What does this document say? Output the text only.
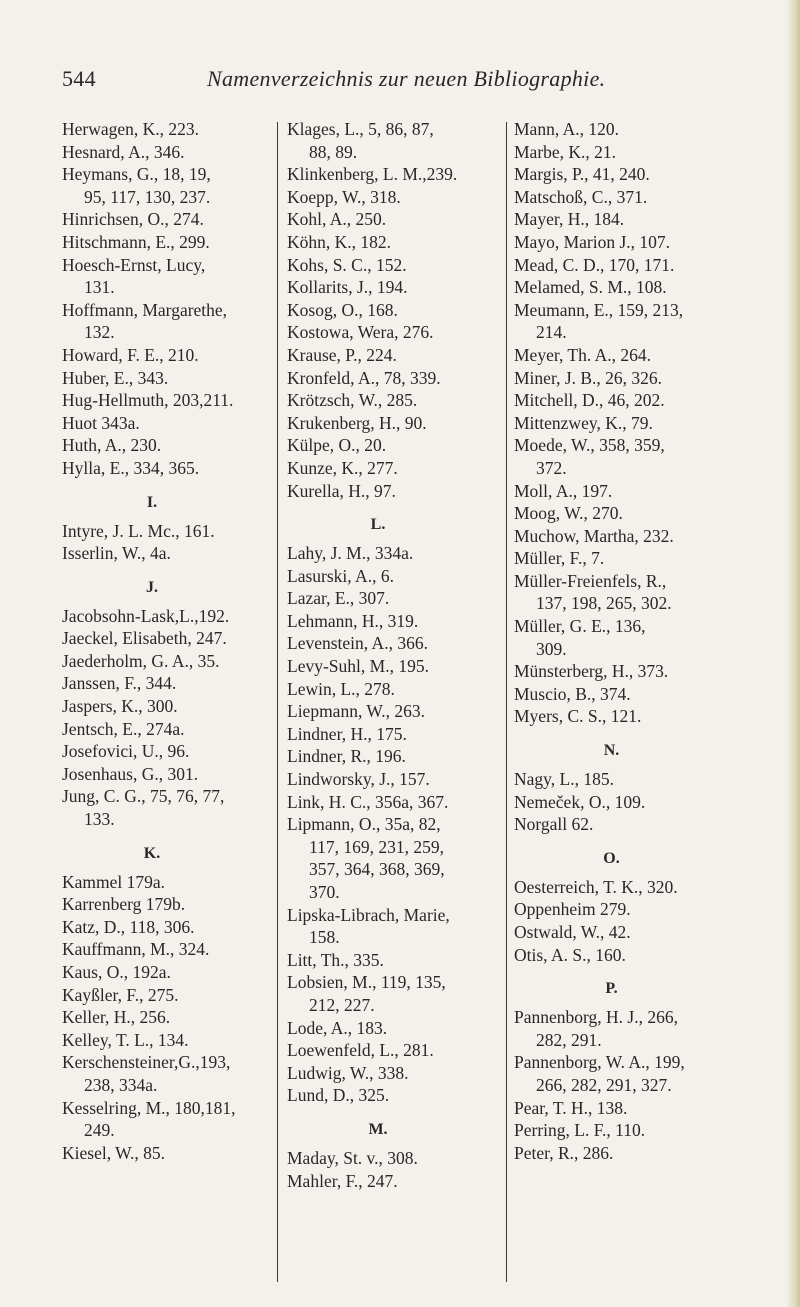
544	Namenverzeichnis zur neuen Bibliographie.
Herwagen, K., 223.
Hesnard, A., 346.
Heymans, G., 18, 19,
95, 117, 130, 237.
Hinrichsen, O., 274.
Hitschmann, E., 299.
Hoesch-Ernst, Lucy,
131.
Hoffmann, Margarethe,
132.
Howard, F. E., 210.
Huber, E., 343.
Hug-Hellmuth, 203,211.
Huot 343a.
Huth, A., 230.
Hylla, E., 334, 365.
I.
Intyre, J. L. Mc., 161.
Isserlin, W., 4a.
J.
Jacobsohn-Lask,L.,192.
Jaeckel, Elisabeth, 247.
Jaederholm, G. A., 35.
Janssen, F., 344.
Jaspers, K., 300.
Jentsch, E., 274a.
Josefovici, U., 96.
Josenhaus, G., 301.
Jung, C. G., 75, 76, 77,
133.
K.
Kammel 179a.
Karrenberg 179b.
Katz, D., 118, 306.
Kauffmann, M., 324.
Kaus, O., 192a.
Kayßler, F., 275.
Keller, H., 256.
Kelley, T. L., 134.
Kerschensteiner,G.,193,
238, 334a.
Kesselring, M., 180,181,
249.
Kiesel, W., 85.
Klages, L., 5, 86, 87,
88, 89.
Klinkenberg, L. M.,239.
Koepp, W., 318.
Kohl, A., 250.
Köhn, K., 182.
Kohs, S. C., 152.
Kollarits, J., 194.
Kosog, O., 168.
Kostowa, Wera, 276.
Krause, P., 224.
Kronfeld, A., 78, 339.
Krötzsch, W., 285.
Krukenberg, H., 90.
Külpe, O., 20.
Kunze, K., 277.
Kurella, H., 97.
L.
Lahy, J. M., 334a.
Lasurski, A., 6.
Lazar, E., 307.
Lehmann, H., 319.
Levenstein, A., 366.
Levy-Suhl, M., 195.
Lewin, L., 278.
Liepmann, W., 263.
Lindner, H., 175.
Lindner, R., 196.
Lindworsky, J., 157.
Link, H. C., 356a, 367.
Lipmann, O., 35a, 82,
117, 169, 231, 259,
357, 364, 368, 369,
370.
Lipska-Librach, Marie,
158.
Litt, Th., 335.
Lobsien, M., 119, 135,
212, 227.
Lode, A., 183.
Loewenfeld, L., 281.
Ludwig, W., 338.
Lund, D., 325.
M.
Maday, St. v., 308.
Mahler, F., 247.
Mann, A., 120.
Marbe, K., 21.
Margis, P., 41, 240.
Matschoß, C., 371.
Mayer, H., 184.
Mayo, Marion J., 107.
Mead, C. D., 170, 171.
Melamed, S. M., 108.
Meumann, E., 159, 213,
214.
Meyer, Th. A., 264.
Miner, J. B., 26, 326.
Mitchell, D., 46, 202.
Mittenzwey, K., 79.
Moede, W., 358, 359,
372.
Moll, A., 197.
Moog, W., 270.
Muchow, Martha, 232.
Müller, F., 7.
Müller-Freienfels, R.,
137, 198, 265, 302.
Müller, G. E., 136,
309.
Münsterberg, H., 373.
Muscio, B., 374.
Myers, C. S., 121.
N.
Nagy, L., 185.
Nemeček, O., 109.
Norgall 62.
O.
Oesterreich, T. K., 320.
Oppenheim 279.
Ostwald, W., 42.
Otis, A. S., 160.
P.
Pannenborg, H. J., 266,
282, 291.
Pannenborg, W. A., 199,
266, 282, 291, 327.
Pear, T. H., 138.
Perring, L. F., 110.
Peter, R., 286.
